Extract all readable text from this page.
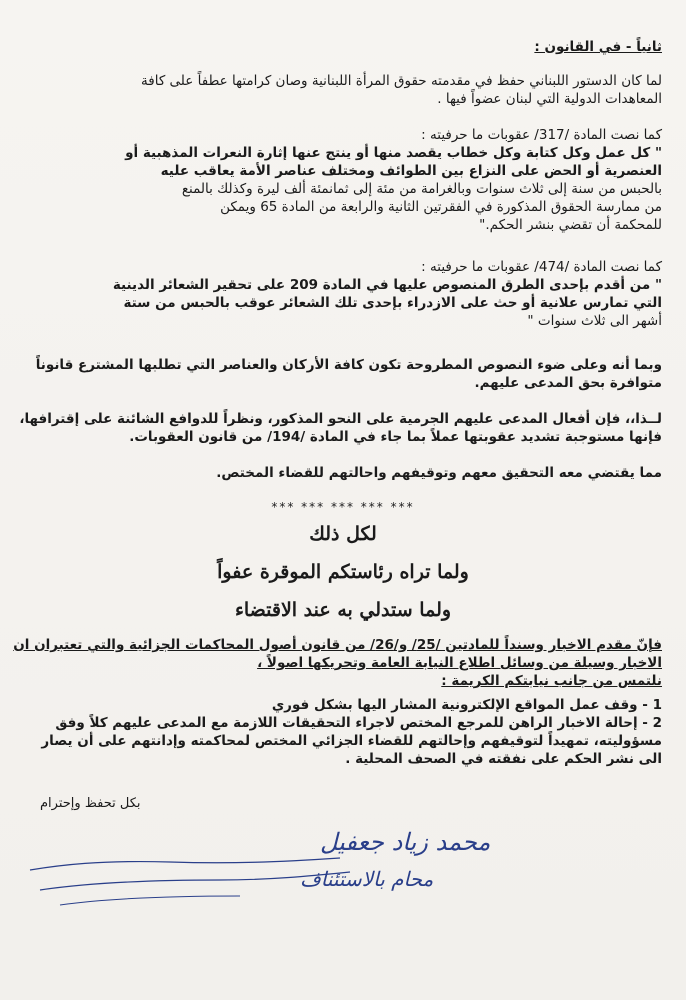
ثانياً - في القانون :
لما كان الدستور اللبناني حفظ في مقدمته حقوق المرأة اللبنانية وصان كرامتها عطفاً على كافة
المعاهدات الدولية التي لبنان عضواً فيها .
كما نصت المادة /317/ عقوبات ما حرفيته :
" كل عمل وكل كتابة وكل خطاب يقصد منها أو ينتج عنها إثارة النعرات المذهبية أو
العنصرية أو الحض على النزاع بين الطوائف ومختلف عناصر الأمة يعاقب عليه
بالحبس من سنة إلى ثلاث سنوات وبالغرامة من مئة إلى ثمانمئة ألف ليرة وكذلك بالمنع
من ممارسة الحقوق المذكورة في الفقرتين الثانية والرابعة من المادة 65 ويمكن
للمحكمة أن تقضي بنشر الحكم."
كما نصت المادة /474/ عقوبات ما حرفيته :
" من أقدم بإحدى الطرق المنصوص عليها في المادة 209 على تحقير الشعائر الدينية
التي تمارس علانية أو حث على الازدراء بإحدى تلك الشعائر عوقب بالحبس من ستة
أشهر الى ثلاث سنوات "
وبما أنه وعلى ضوء النصوص المطروحة تكون كافة الأركان والعناصر التي تطلبها المشترع قانوناً
متوافرة بحق المدعى عليهم.
لــذا،، فإن أفعال المدعى عليهم الجرمية على النحو المذكور، ونظراً للدوافع الشائنة على إقترافها،
فإنها مستوجبة تشديد عقوبتها عملاً بما جاء في المادة /194/ من قانون العقوبات.
مما يقتضي معه التحقيق معهم وتوقيفهم واحالتهم للقضاء المختص.
*** *** *** *** ***
لكل ذلك
ولما تراه رئاستكم الموقرة عفواً
ولما ستدلي به عند الاقتضاء
فإنّ مقدم الاخبار وسنداً للمادتين /25/ و/26/ من قانون أصول المحاكمات الجزائية والتي تعتبران ان
الاخبار وسيلة من وسائل اطلاع النيابة العامة وتحريكها اصولاً ،
نلتمس من جانب نيابتكم الكريمة :
1 - وقف عمل المواقع الإلكترونية المشار اليها بشكل فوري
2 - إحالة الاخبار الراهن للمرجع المختص لاجراء التحقيقات اللازمة مع المدعى عليهم كلاً وفق
مسؤوليته، تمهيداً لتوقيفهم وإحالتهم للقضاء الجزائي المختص لمحاكمته وإدانتهم على أن يصار
الى نشر الحكم على نفقته في الصحف المحلية .
بكل تحفظ وإحترام
محمد زياد جعفيل
محام بالاستئناف
